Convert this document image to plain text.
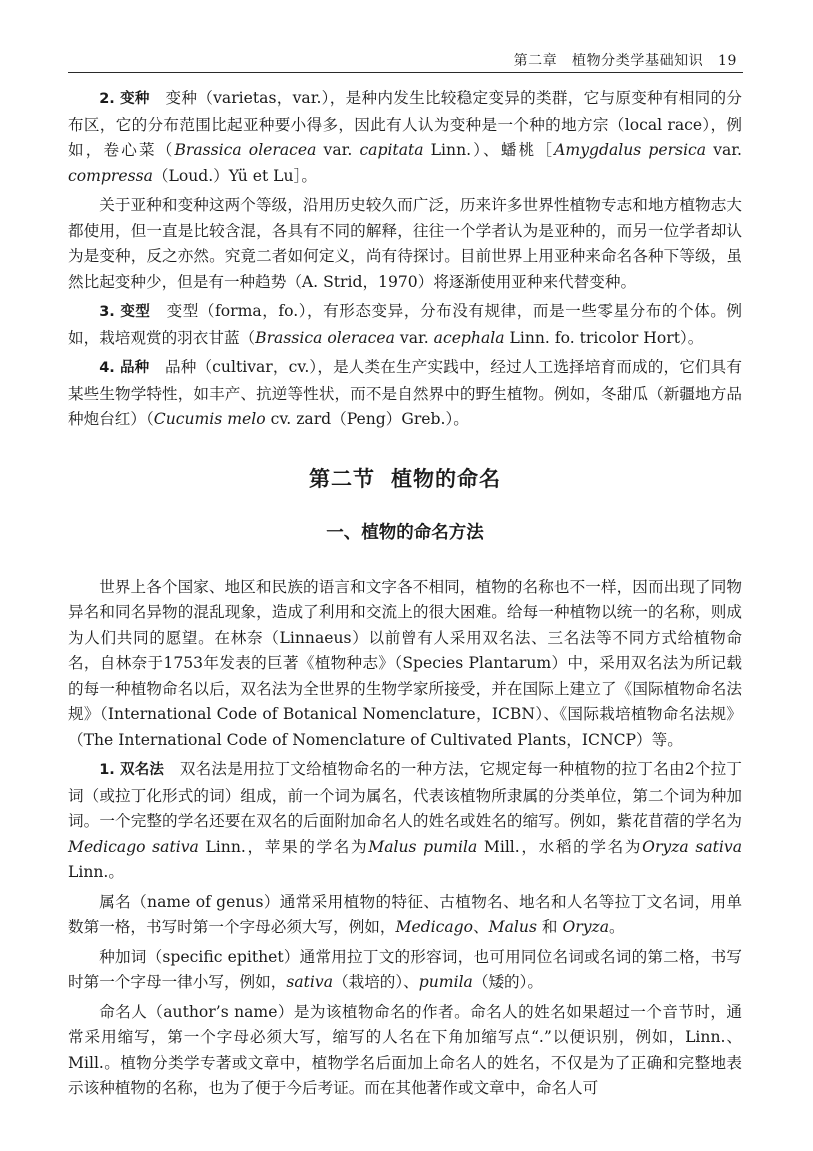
第二章　植物分类学基础知识　19

2. 变种　变种（varietas，var.），是种内发生比较稳定变异的类群，它与原变种有相同的分布区，它的分布范围比起亚种要小得多，因此有人认为变种是一个种的地方宗（local race），例如，卷心菜（Brassica oleracea var. capitata Linn.）、蟠桃［Amygdalus persica var. compressa（Loud.）Yü et Lu］。

关于亚种和变种这两个等级，沿用历史较久而广泛，历来许多世界性植物专志和地方植物志大都使用，但一直是比较含混，各具有不同的解释，往往一个学者认为是亚种的，而另一位学者却认为是变种，反之亦然。究竟二者如何定义，尚有待探讨。目前世界上用亚种来命名各种下等级，虽然比起变种少，但是有一种趋势（A. Strid，1970）将逐渐使用亚种来代替变种。

3. 变型　变型（forma，fo.），有形态变异，分布没有规律，而是一些零星分布的个体。例如，栽培观赏的羽衣甘蓝（Brassica oleracea var. acephala Linn. fo. tricolor Hort）。

4. 品种　品种（cultivar，cv.），是人类在生产实践中，经过人工选择培育而成的，它们具有某些生物学特性，如丰产、抗逆等性状，而不是自然界中的野生植物。例如，冬甜瓜（新疆地方品种炮台红）（Cucumis melo cv. zard（Peng）Greb.）。

第二节 植物的命名
一、植物的命名方法

世界上各个国家、地区和民族的语言和文字各不相同，植物的名称也不一样，因而出现了同物异名和同名异物的混乱现象，造成了利用和交流上的很大困难。给每一种植物以统一的名称，则成为人们共同的愿望。在林奈（Linnaeus）以前曾有人采用双名法、三名法等不同方式给植物命名，自林奈于1753年发表的巨著《植物种志》（Species Plantarum）中，采用双名法为所记载的每一种植物命名以后，双名法为全世界的生物学家所接受，并在国际上建立了《国际植物命名法规》（International Code of Botanical Nomenclature，ICBN）、《国际栽培植物命名法规》（The International Code of Nomenclature of Cultivated Plants，ICNCP）等。

1. 双名法　双名法是用拉丁文给植物命名的一种方法，它规定每一种植物的拉丁名由2个拉丁词（或拉丁化形式的词）组成，前一个词为属名，代表该植物所隶属的分类单位，第二个词为种加词。一个完整的学名还要在双名的后面附加命名人的姓名或姓名的缩写。例如，紫花苜蓿的学名为Medicago sativa Linn.，苹果的学名为Malus pumila Mill.，水稻的学名为Oryza sativa Linn.。

属名（name of genus）通常采用植物的特征、古植物名、地名和人名等拉丁文名词，用单数第一格，书写时第一个字母必须大写，例如，Medicago、Malus 和 Oryza。

种加词（specific epithet）通常用拉丁文的形容词，也可用同位名词或名词的第二格，书写时第一个字母一律小写，例如，sativa（栽培的）、pumila（矮的）。

命名人（author’s name）是为该植物命名的作者。命名人的姓名如果超过一个音节时，通常采用缩写，第一个字母必须大写，缩写的人名在下角加缩写点“.”以便识别，例如，Linn.、Mill.。植物分类学专著或文章中，植物学名后面加上命名人的姓名，不仅是为了正确和完整地表示该种植物的名称，也为了便于今后考证。而在其他著作或文章中，命名人可
